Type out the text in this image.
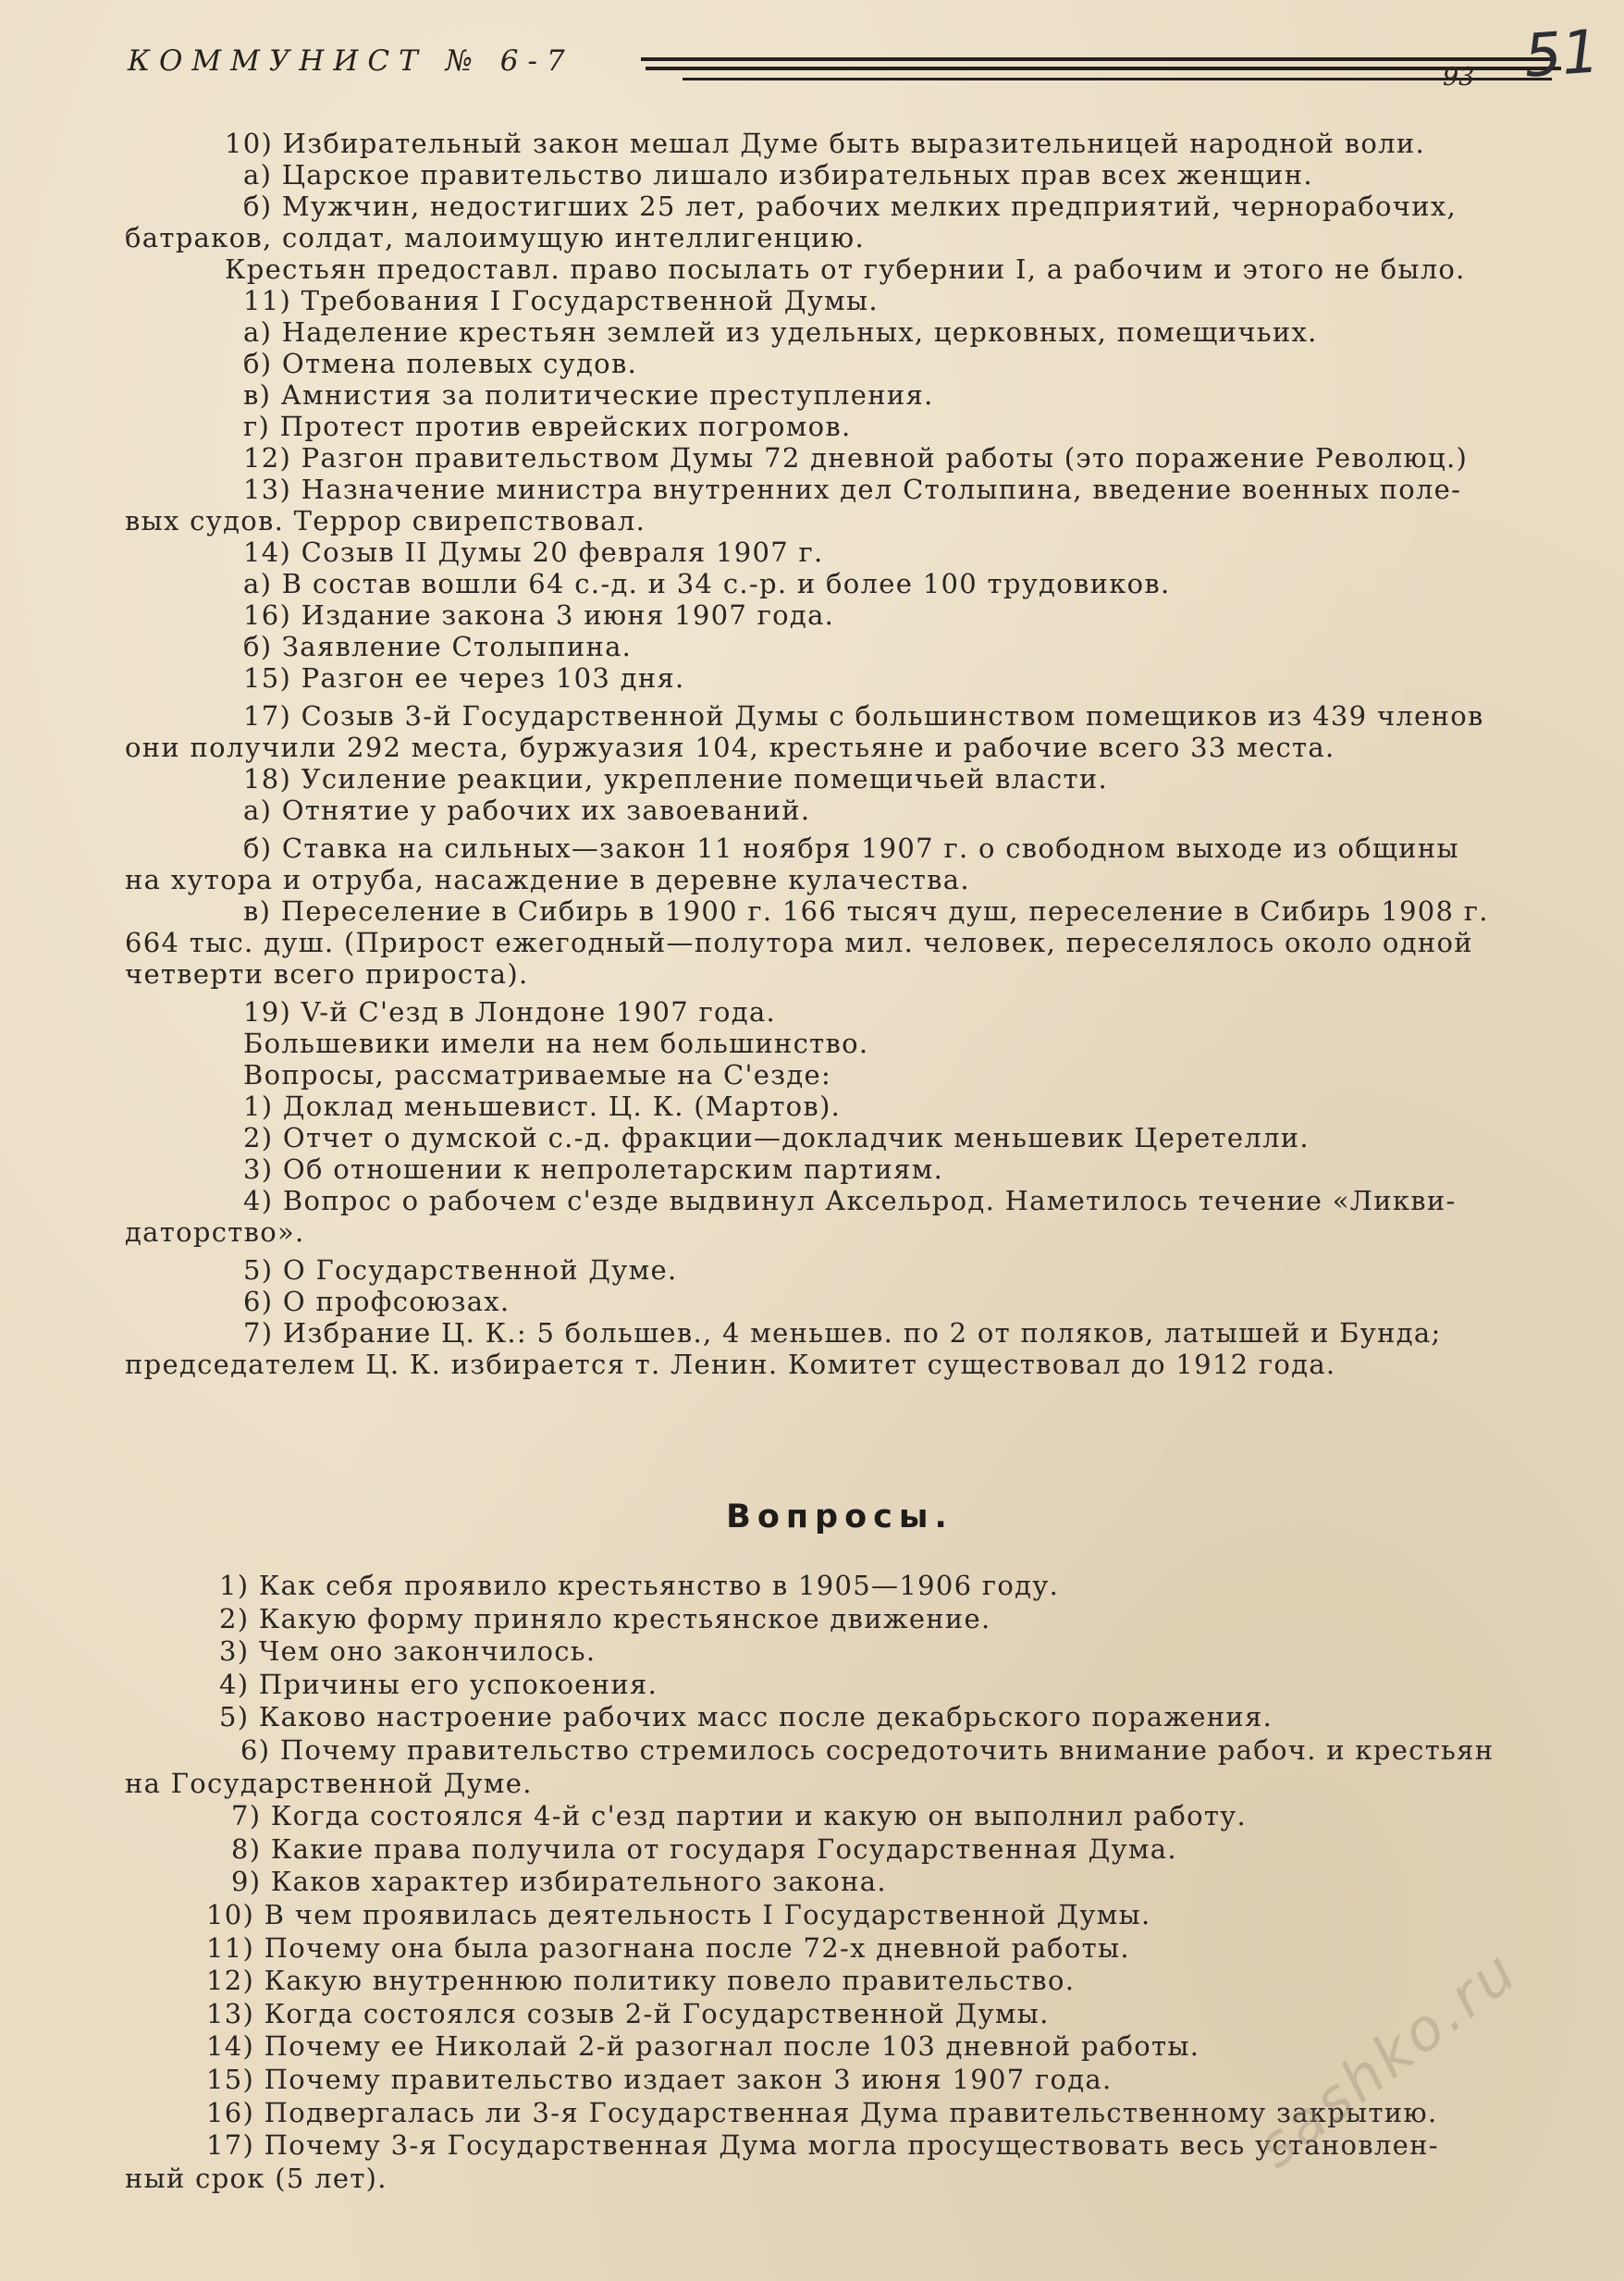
КОММУНИСТ № 6-7	93 51

10) Избирательный закон мешал Думе быть выразительницей народной воли.

а) Царское правительство лишало избирательных прав всех женщин.

б) Мужчин, недостигших 25 лет, рабочих мелких предприятий, чернорабочих,

батраков, солдат, малоимущую интеллигенцию.

Крестьян предоставл. право посылать от губернии I, а рабочим и этого не было.

11) Требования I Государственной Думы.

а) Наделение крестьян землей из удельных, церковных, помещичьих.

б) Отмена полевых судов.

в) Амнистия за политические преступления.

г) Протест против еврейских погромов.

12) Разгон правительством Думы 72 дневной работы (это поражение Революц.)

13) Назначение министра внутренних дел Столыпина, введение военных поле-

вых судов. Террор свирепствовал.

14) Созыв II Думы 20 февраля 1907 г.

а) В состав вошли 64 с.-д. и 34 с.-р. и более 100 трудовиков.

16) Издание закона 3 июня 1907 года.

б) Заявление Столыпина.

15) Разгон ее через 103 дня.

17) Созыв 3-й Государственной Думы с большинством помещиков из 439 членов

они получили 292 места, буржуазия 104, крестьяне и рабочие всего 33 места.

18) Усиление реакции, укрепление помещичьей власти.

а) Отнятие у рабочих их завоеваний.

б) Ставка на сильных—закон 11 ноября 1907 г. о свободном выходе из общины

на хутора и отруба, насаждение в деревне кулачества.

в) Переселение в Сибирь в 1900 г. 166 тысяч душ, переселение в Сибирь 1908 г.

664 тыс. душ. (Прирост ежегодный—полутора мил. человек, переселялось около одной

четверти всего прироста).

19) V-й С'езд в Лондоне 1907 года.

Большевики имели на нем большинство.

Вопросы, рассматриваемые на С'езде:

1) Доклад меньшевист. Ц. К. (Мартов).

2) Отчет о думской с.-д. фракции—докладчик меньшевик Церетелли.

3) Об отношении к непролетарским партиям.

4) Вопрос о рабочем с'езде выдвинул Аксельрод. Наметилось течение «Ликви-

даторство».

5) О Государственной Думе.

6) О профсоюзах.

7) Избрание Ц. К.: 5 большев., 4 меньшев. по 2 от поляков, латышей и Бунда;

председателем Ц. К. избирается т. Ленин. Комитет существовал до 1912 года.

Вопросы.

1) Как себя проявило крестьянство в 1905—1906 году.

2) Какую форму приняло крестьянское движение.

3) Чем оно закончилось.

4) Причины его успокоения.

5) Каково настроение рабочих масс после декабрьского поражения.

6) Почему правительство стремилось сосредоточить внимание рабоч. и крестьян

на Государственной Думе.

7) Когда состоялся 4-й с'езд партии и какую он выполнил работу.

8) Какие права получила от государя Государственная Дума.

9) Каков характер избирательного закона.

10) В чем проявилась деятельность I Государственной Думы.

11) Почему она была разогнана после 72-х дневной работы.

12) Какую внутреннюю политику повело правительство.

13) Когда состоялся созыв 2-й Государственной Думы.

14) Почему ее Николай 2-й разогнал после 103 дневной работы.

15) Почему правительство издает закон 3 июня 1907 года.

16) Подвергалась ли 3-я Государственная Дума правительственному закрытию.

17) Почему 3-я Государственная Дума могла просуществовать весь установлен-

ный срок (5 лет).	sashko.ru
